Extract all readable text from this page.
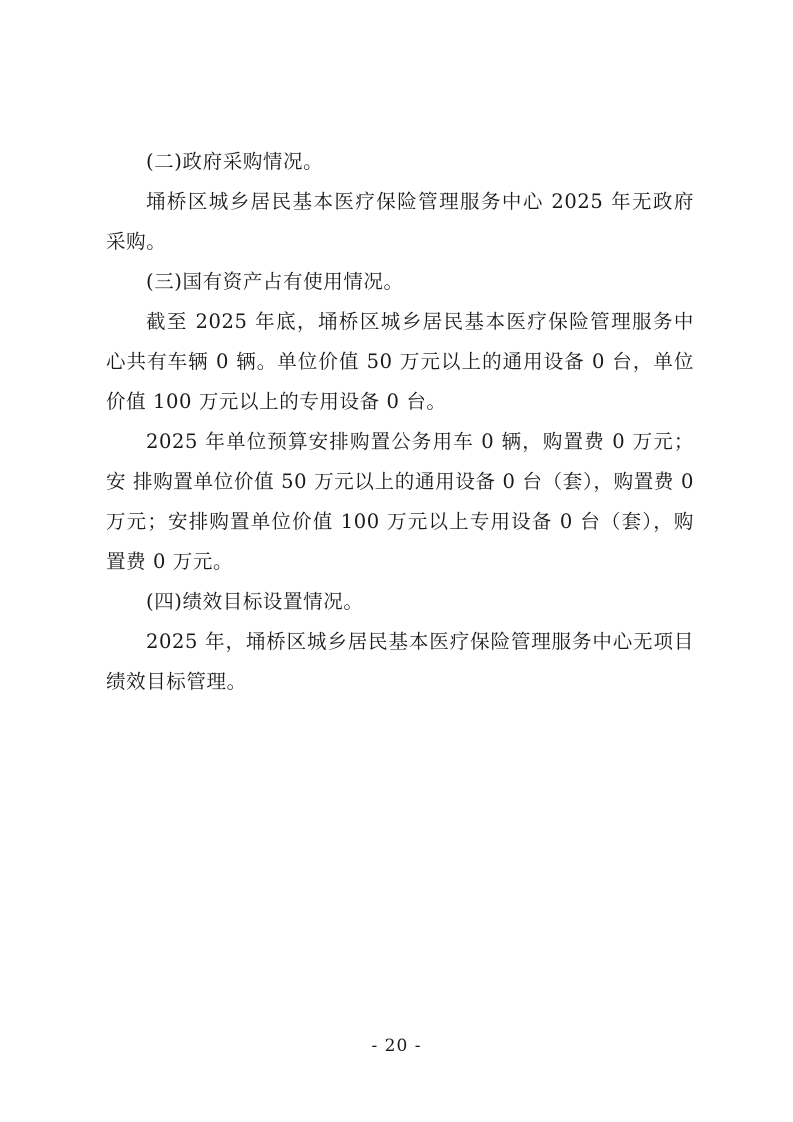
(二)政府采购情况。

埇桥区城乡居民基本医疗保险管理服务中心 2025 年无政府采购。

(三)国有资产占有使用情况。

截至 2025 年底，埇桥区城乡居民基本医疗保险管理服务中心共有车辆 0 辆。单位价值 50 万元以上的通用设备 0 台，单位 价值 100 万元以上的专用设备 0 台。

2025 年单位预算安排购置公务用车 0 辆，购置费 0 万元；安 排购置单位价值 50 万元以上的通用设备 0 台（套），购置费 0 万元；安排购置单位价值 100 万元以上专用设备 0 台（套），购 置费 0 万元。

(四)绩效目标设置情况。

2025 年，埇桥区城乡居民基本医疗保险管理服务中心无项目绩效目标管理。

- 20 -
